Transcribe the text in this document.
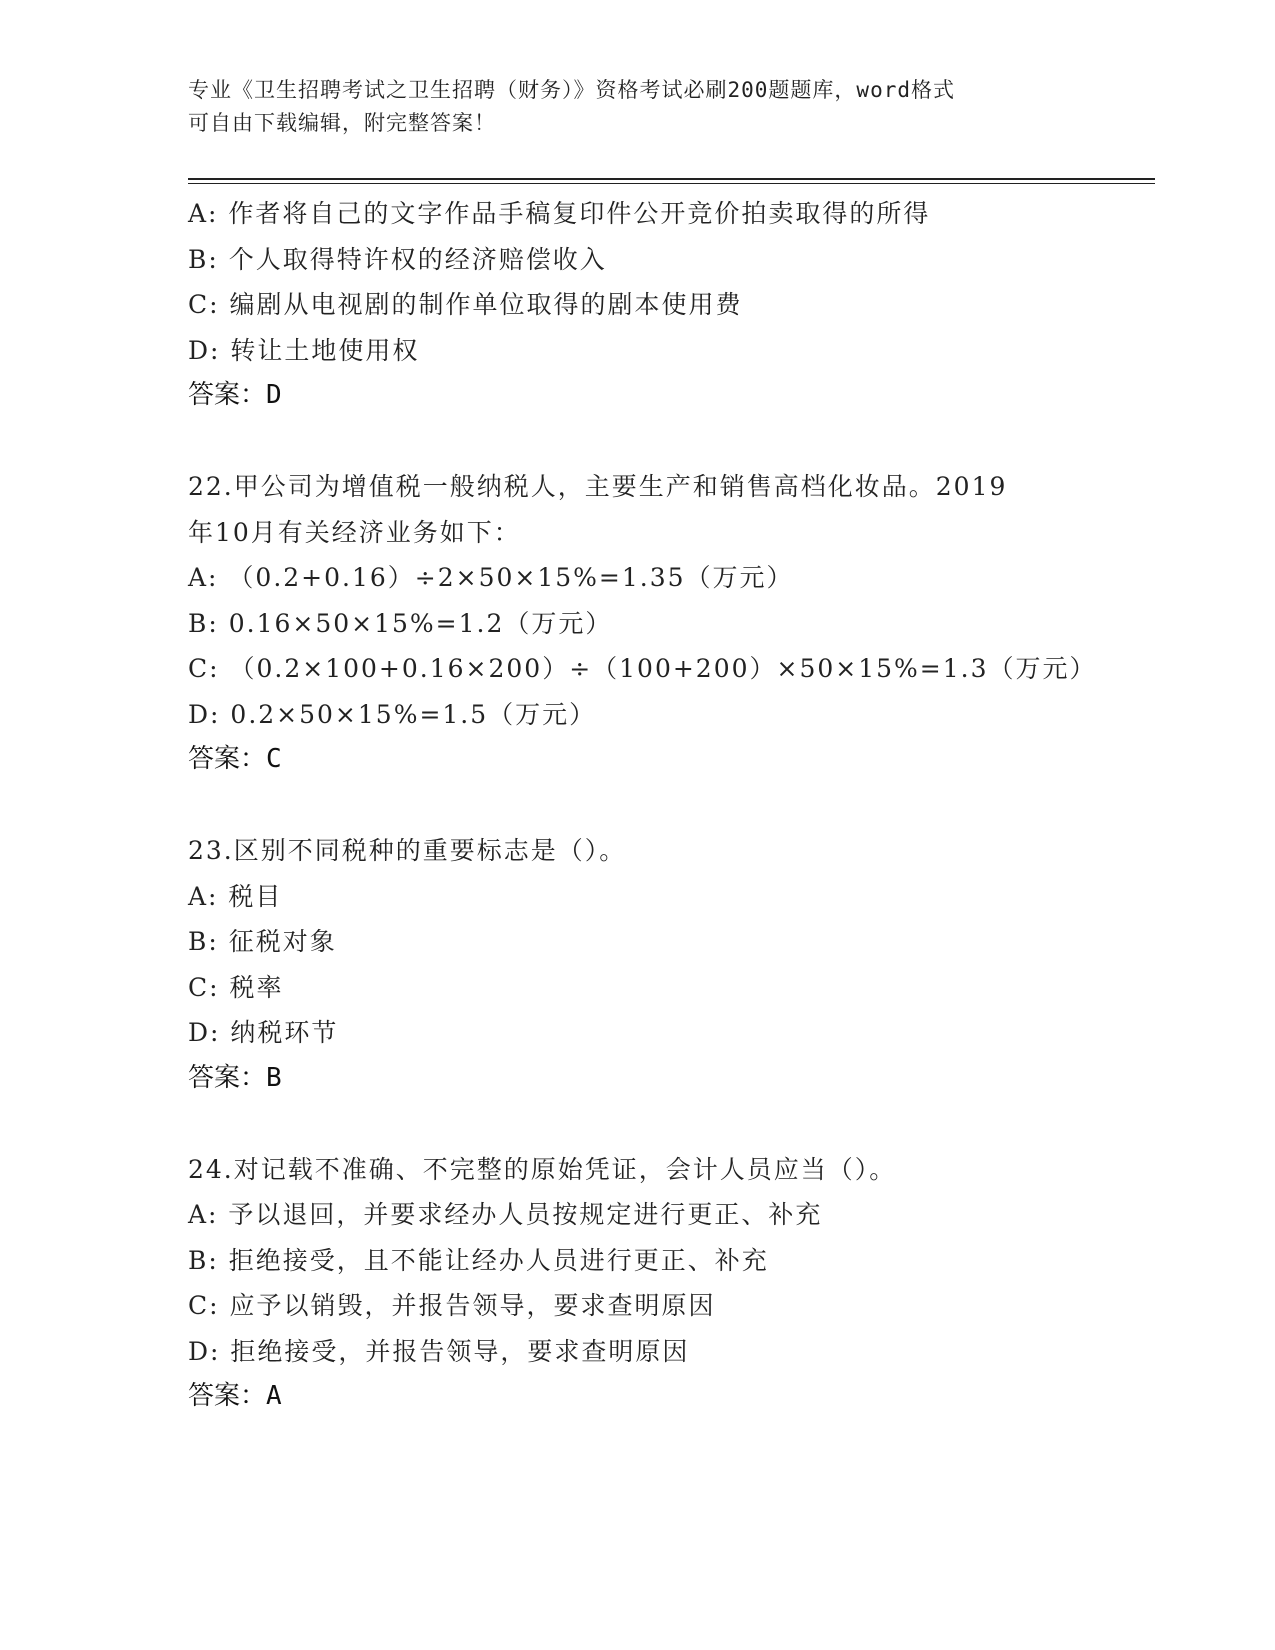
专业《卫生招聘考试之卫生招聘（财务）》资格考试必刷200题题库，word格式
可自由下载编辑，附完整答案！
A: 作者将自己的文字作品手稿复印件公开竞价拍卖取得的所得
B: 个人取得特许权的经济赔偿收入
C: 编剧从电视剧的制作单位取得的剧本使用费
D: 转让土地使用权
答案：D
22.甲公司为增值税一般纳税人，主要生产和销售高档化妆品。2019
年10月有关经济业务如下：
A: （0.2+0.16）÷2×50×15%=1.35（万元）
B: 0.16×50×15%=1.2（万元）
C: （0.2×100+0.16×200）÷（100+200）×50×15%=1.3（万元）
D: 0.2×50×15%=1.5（万元）
答案：C
23.区别不同税种的重要标志是（）。
A: 税目
B: 征税对象
C: 税率
D: 纳税环节
答案：B
24.对记载不准确、不完整的原始凭证，会计人员应当（）。
A: 予以退回，并要求经办人员按规定进行更正、补充
B: 拒绝接受，且不能让经办人员进行更正、补充
C: 应予以销毁，并报告领导，要求查明原因
D: 拒绝接受，并报告领导，要求查明原因
答案：A
